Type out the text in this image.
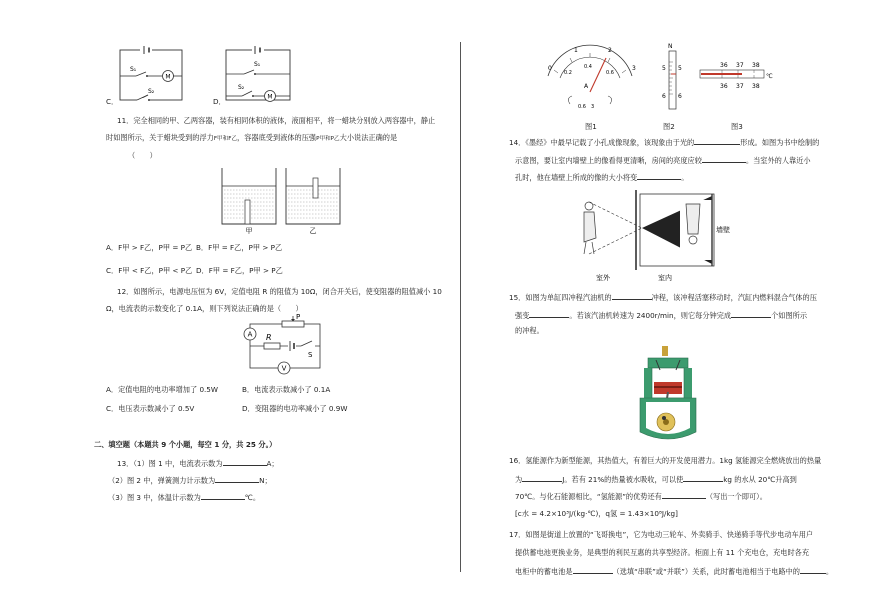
M
S₁
S₂
C．
S₁
M
S₂
D．
11．完全相同的甲、乙两容器，装有相同体积的液体，液面相平，将一蜡块分别放入两容器中，静止
时如图所示，关于蜡块受到的浮力F甲和F乙，容器底受到液体的压强P甲和P乙大小说法正确的是
（　　）
甲	乙
A．F甲 > F乙，P甲 = P乙 B．F甲 = F乙，P甲 > P乙
C．F甲 < F乙，P甲 < P乙 D．F甲 = F乙，P甲 > P乙
12．如图所示，电源电压恒为 6V，定值电阻 R 的阻值为 10Ω，闭合开关后，使变阻器的阻值减小 10
Ω，电流表的示数变化了 0.1A，则下列说法正确的是（　　）
A
P
R
S
V
A．定值电阻的电功率增加了 0.5W	B．电流表示数减小了 0.1A
C．电压表示数减小了 0.5V	D．变阻器的电功率减小了 0.9W
二、填空题（本题共 9 个小题，每空 1 分，共 25 分。）
13．（1）图 1 中，电流表示数为	A；
（2）图 2 中，弹簧测力计示数为	N；
（3）图 3 中，体温计示数为	℃。
0
1	2
3
0.2
0.4
0.6
A
0.6　3
N
5
6
5
6
36 37 38
℃
36 37 38
图1	图2	图3
14．《墨经》中最早记载了小孔成像现象，该现象由于光的	形成。如图为书中绘制的
示意图，要让室内墙壁上的像看得更清晰，房间的亮度应较	。当室外的人靠近小
孔时，他在墙壁上所成的像的大小将变	。
墙壁
室外	室内
15．如图为单缸四冲程汽油机的	冲程，该冲程活塞移动时，汽缸内燃料混合气体的压
强变	。若该汽油机转速为 2400r/min，则它每分钟完成	个如图所示
的冲程。
16．氢能源作为新型能源，其热值大，有着巨大的开发使用潜力。1kg 氢能源完全燃烧放出的热量
为	J。若有 21%的热量被水吸收，可以使	kg 的水从 20℃升高到
70℃。与化石能源相比，“氢能源”的优势还有	（写出一个即可）。
[c水 = 4.2×10³J/(kg·℃)，q氢 = 1.43×10⁸J/kg]
17．如图是街道上放置的“飞哥换电”，它为电动三轮车、外卖骑手、快递骑手等代步电动车用户
提供蓄电池更换业务，是典型的利民互惠的共享型经济。柜面上有 11 个充电仓，充电时各充
电柜中的蓄电池是	（选填“串联”或“并联”）关系，此时蓄电池相当于电路中的	。
